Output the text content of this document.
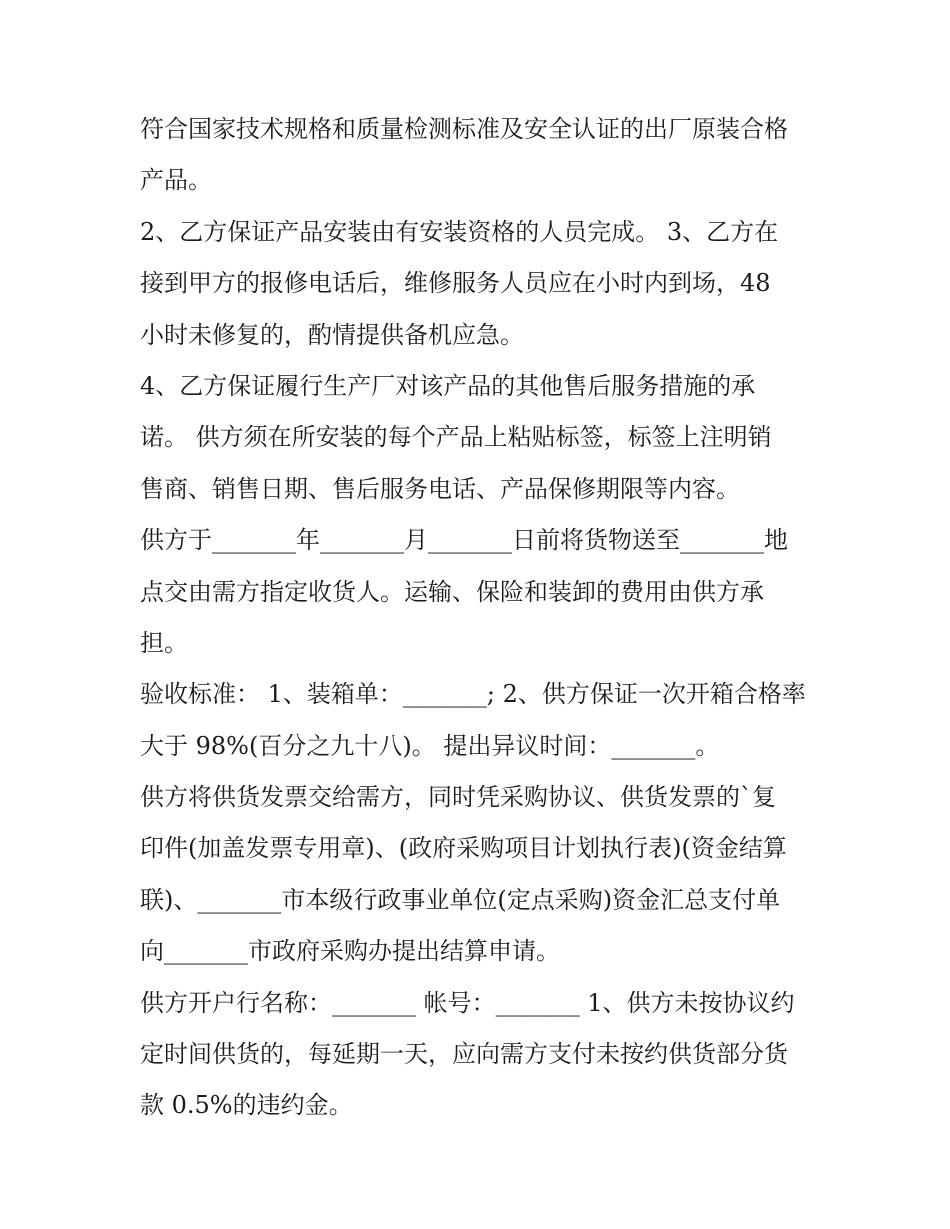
符合国家技术规格和质量检测标准及安全认证的出厂原装合格
产品。
2、乙方保证产品安装由有安装资格的人员完成。 3、乙方在
接到甲方的报修电话后，维修服务人员应在小时内到场，48
小时未修复的，酌情提供备机应急。
4、乙方保证履行生产厂对该产品的其他售后服务措施的承
诺。 供方须在所安装的每个产品上粘贴标签，标签上注明销
售商、销售日期、售后服务电话、产品保修期限等内容。
供方于_______年_______月_______日前将货物送至_______地
点交由需方指定收货人。运输、保险和装卸的费用由供方承
担。
验收标准： 1、装箱单：_______; 2、供方保证一次开箱合格率
大于 98%(百分之九十八)。 提出异议时间：_______。
供方将供货发票交给需方，同时凭采购协议、供货发票的`复
印件(加盖发票专用章)、(政府采购项目计划执行表)(资金结算
联)、_______市本级行政事业单位(定点采购)资金汇总支付单
向_______市政府采购办提出结算申请。
供方开户行名称：_______ 帐号：_______ 1、供方未按协议约
定时间供货的，每延期一天，应向需方支付未按约供货部分货
款 0.5%的违约金。
